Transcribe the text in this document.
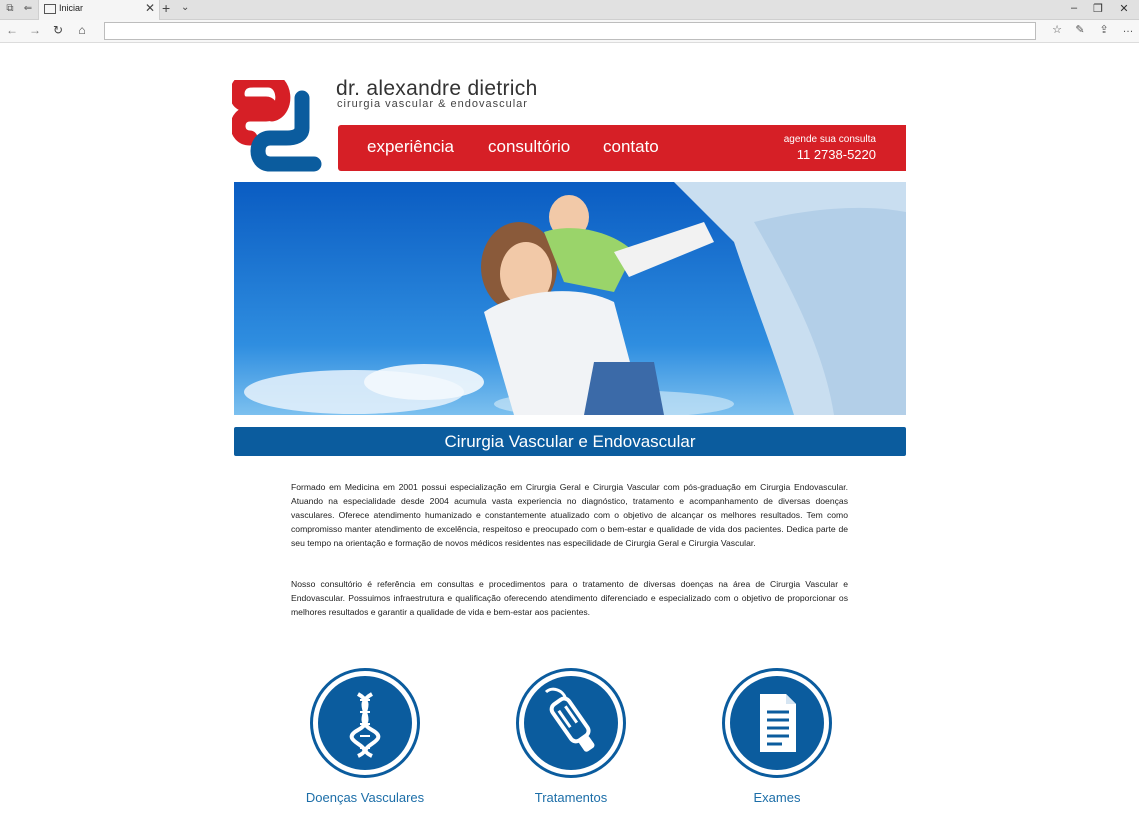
⧉ ⇐	Iniciar	✕ + ⌄	–	❐	✕
← → ↻	⌂	☆	✎	⇪	…
dr. alexandre dietrich
cirurgia vascular & endovascular
experiência consultório contato	agende sua consulta
11 2738-5220
Cirurgia Vascular e Endovascular
Formado em Medicina em 2001 possui especialização em Cirurgia Geral e Cirurgia Vascular com pós-graduação em Cirurgia Endovascular. Atuando na especialidade desde 2004 acumula vasta experiencia no diagnóstico, tratamento e acompanhamento de diversas doenças vasculares. Oferece atendimento humanizado e constantemente atualizado com o objetivo de alcançar os melhores resultados. Tem como compromisso manter atendimento de excelência, respeitoso e preocupado com o bem-estar e qualidade de vida dos pacientes. Dedica parte de seu tempo na orientação e formação de novos médicos residentes nas especilidade de Cirurgia Geral e Cirurgia Vascular.
Nosso consultório é referência em consultas e procedimentos para o tratamento de diversas doenças na área de Cirurgia Vascular e Endovascular. Possuimos infraestrutura e qualificação oferecendo atendimento diferenciado e especializado com o objetivo de proporcionar os melhores resultados e garantir a qualidade de vida e bem-estar aos pacientes.
Doenças Vasculares	Tratamentos	Exames
